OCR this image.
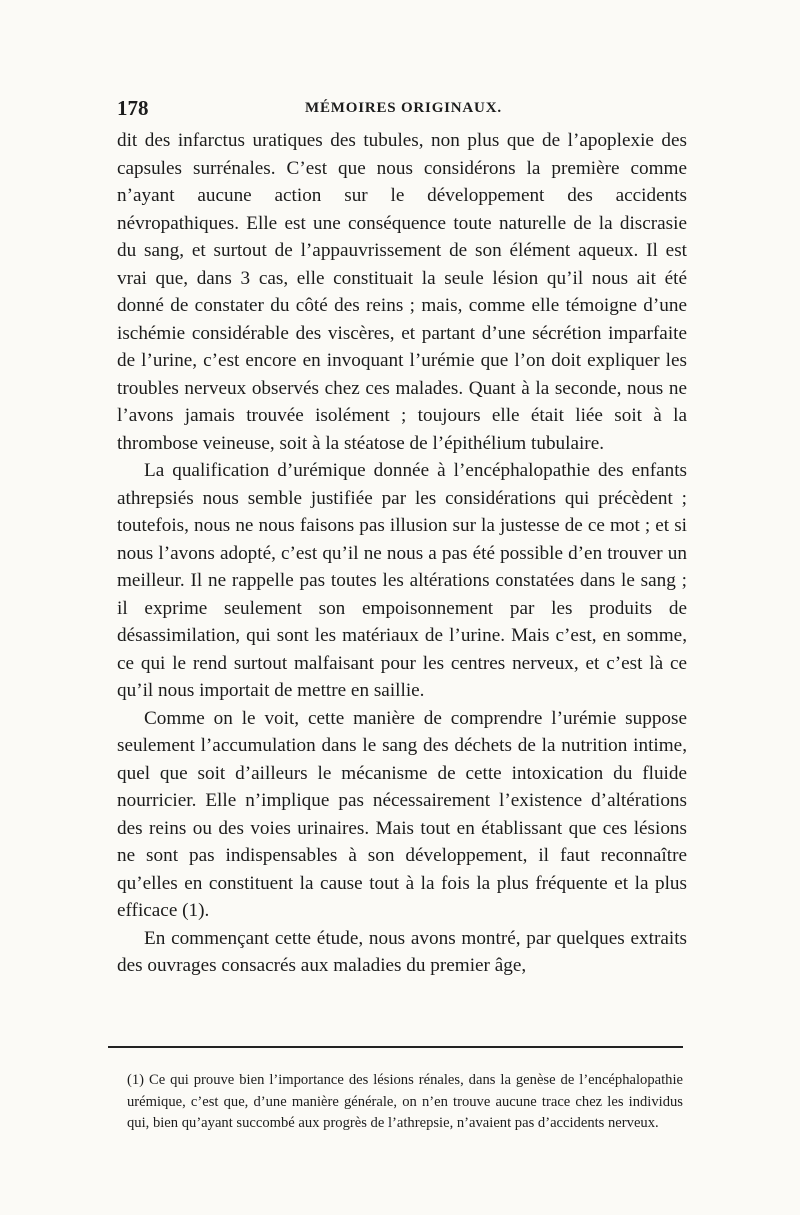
178	MÉMOIRES ORIGINAUX.

dit des infarctus uratiques des tubules, non plus que de l’apoplexie des capsules surrénales. C’est que nous considérons la première comme n’ayant aucune action sur le développement des accidents névropathiques. Elle est une conséquence toute naturelle de la discrasie du sang, et surtout de l’appauvrissement de son élément aqueux. Il est vrai que, dans 3 cas, elle constituait la seule lésion qu’il nous ait été donné de constater du côté des reins ; mais, comme elle témoigne d’une ischémie considérable des viscères, et partant d’une sécrétion imparfaite de l’urine, c’est encore en invoquant l’urémie que l’on doit expliquer les troubles nerveux observés chez ces malades. Quant à la seconde, nous ne l’avons jamais trouvée isolément ; toujours elle était liée soit à la thrombose veineuse, soit à la stéatose de l’épithélium tubulaire.

La qualification d’urémique donnée à l’encéphalopathie des enfants athrepsiés nous semble justifiée par les considérations qui précèdent ; toutefois, nous ne nous faisons pas illusion sur la justesse de ce mot ; et si nous l’avons adopté, c’est qu’il ne nous a pas été possible d’en trouver un meilleur. Il ne rappelle pas toutes les altérations constatées dans le sang ; il exprime seulement son empoisonnement par les produits de désassimilation, qui sont les matériaux de l’urine. Mais c’est, en somme, ce qui le rend surtout malfaisant pour les centres nerveux, et c’est là ce qu’il nous importait de mettre en saillie.

Comme on le voit, cette manière de comprendre l’urémie suppose seulement l’accumulation dans le sang des déchets de la nutrition intime, quel que soit d’ailleurs le mécanisme de cette intoxication du fluide nourricier. Elle n’implique pas nécessairement l’existence d’altérations des reins ou des voies urinaires. Mais tout en établissant que ces lésions ne sont pas indispensables à son développement, il faut reconnaître qu’elles en constituent la cause tout à la fois la plus fréquente et la plus efficace (1).

En commençant cette étude, nous avons montré, par quelques extraits des ouvrages consacrés aux maladies du premier âge,

(1) Ce qui prouve bien l’importance des lésions rénales, dans la genèse de l’encéphalopathie urémique, c’est que, d’une manière générale, on n’en trouve aucune trace chez les individus qui, bien qu’ayant succombé aux progrès de l’athrepsie, n’avaient pas d’accidents nerveux.
